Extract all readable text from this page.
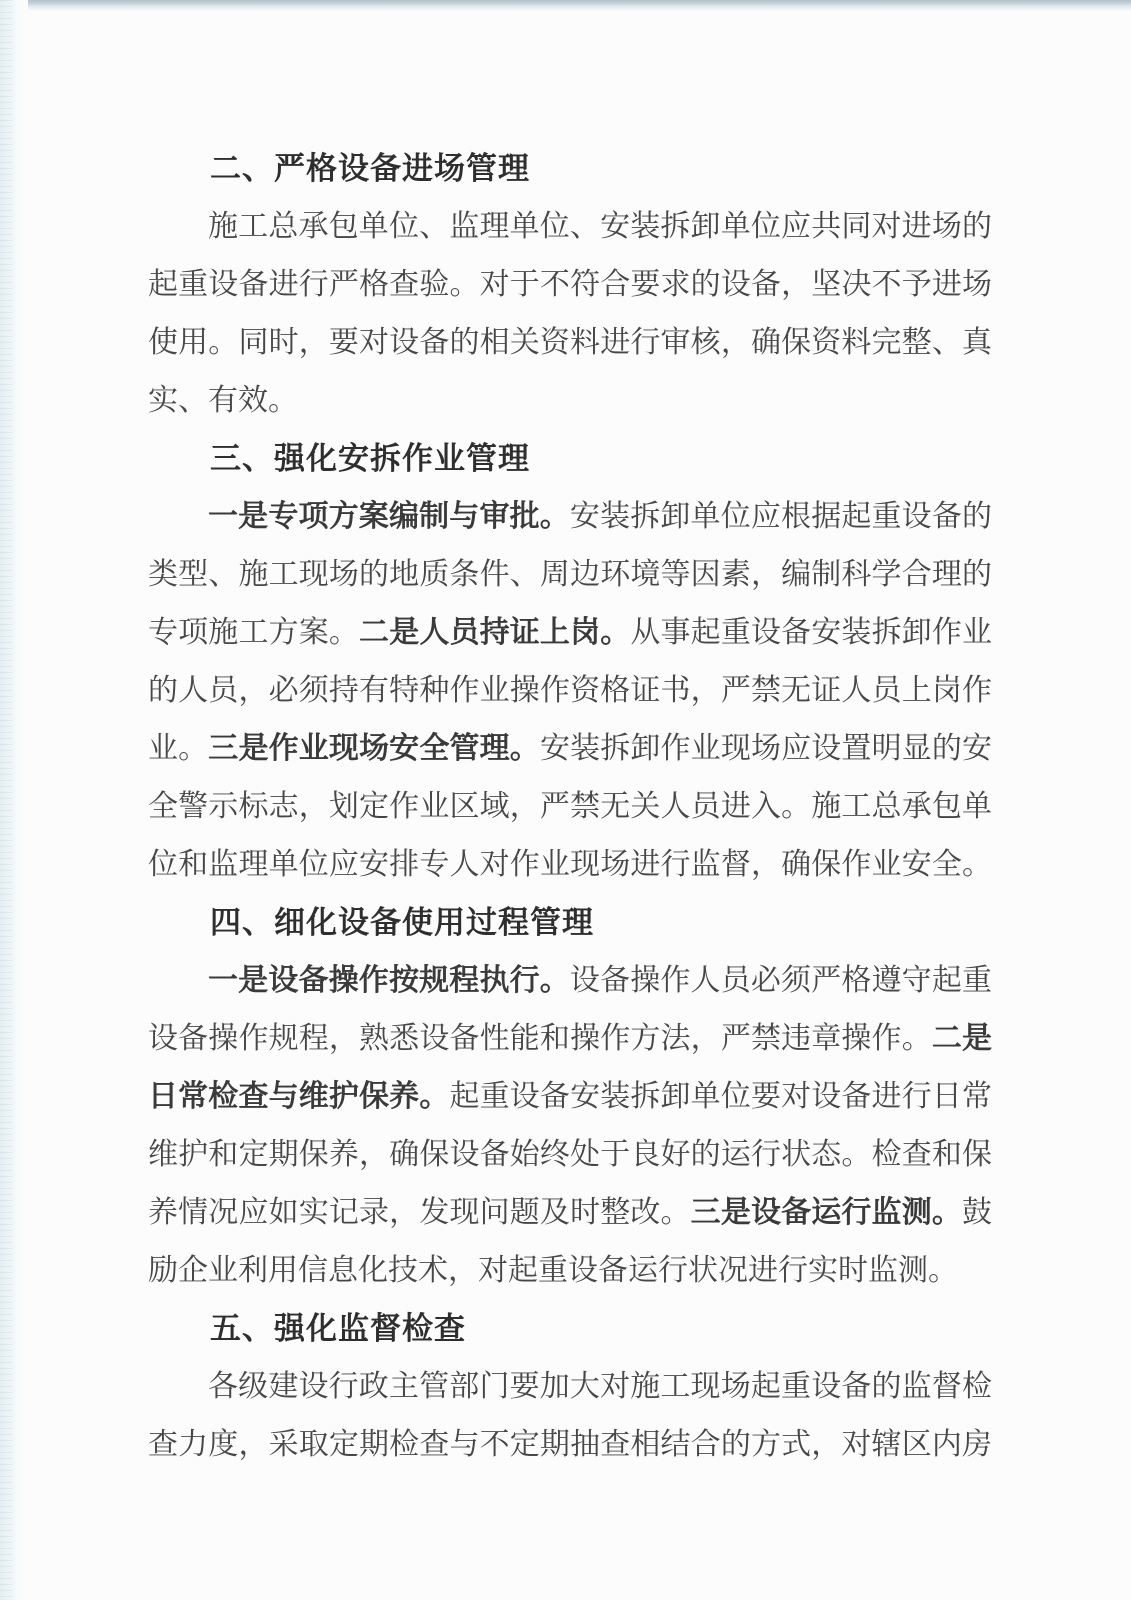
二、严格设备进场管理
施工总承包单位、监理单位、安装拆卸单位应共同对进场的
起重设备进行严格查验。对于不符合要求的设备，坚决不予进场
使用。同时，要对设备的相关资料进行审核，确保资料完整、真
实、有效。
三、强化安拆作业管理
一是专项方案编制与审批。安装拆卸单位应根据起重设备的
类型、施工现场的地质条件、周边环境等因素，编制科学合理的
专项施工方案。二是人员持证上岗。从事起重设备安装拆卸作业
的人员，必须持有特种作业操作资格证书，严禁无证人员上岗作
业。三是作业现场安全管理。安装拆卸作业现场应设置明显的安
全警示标志，划定作业区域，严禁无关人员进入。施工总承包单
位和监理单位应安排专人对作业现场进行监督，确保作业安全。
四、细化设备使用过程管理
一是设备操作按规程执行。设备操作人员必须严格遵守起重
设备操作规程，熟悉设备性能和操作方法，严禁违章操作。二是
日常检查与维护保养。起重设备安装拆卸单位要对设备进行日常
维护和定期保养，确保设备始终处于良好的运行状态。检查和保
养情况应如实记录，发现问题及时整改。三是设备运行监测。鼓
励企业利用信息化技术，对起重设备运行状况进行实时监测。
五、强化监督检查
各级建设行政主管部门要加大对施工现场起重设备的监督检
查力度，采取定期检查与不定期抽查相结合的方式，对辖区内房
